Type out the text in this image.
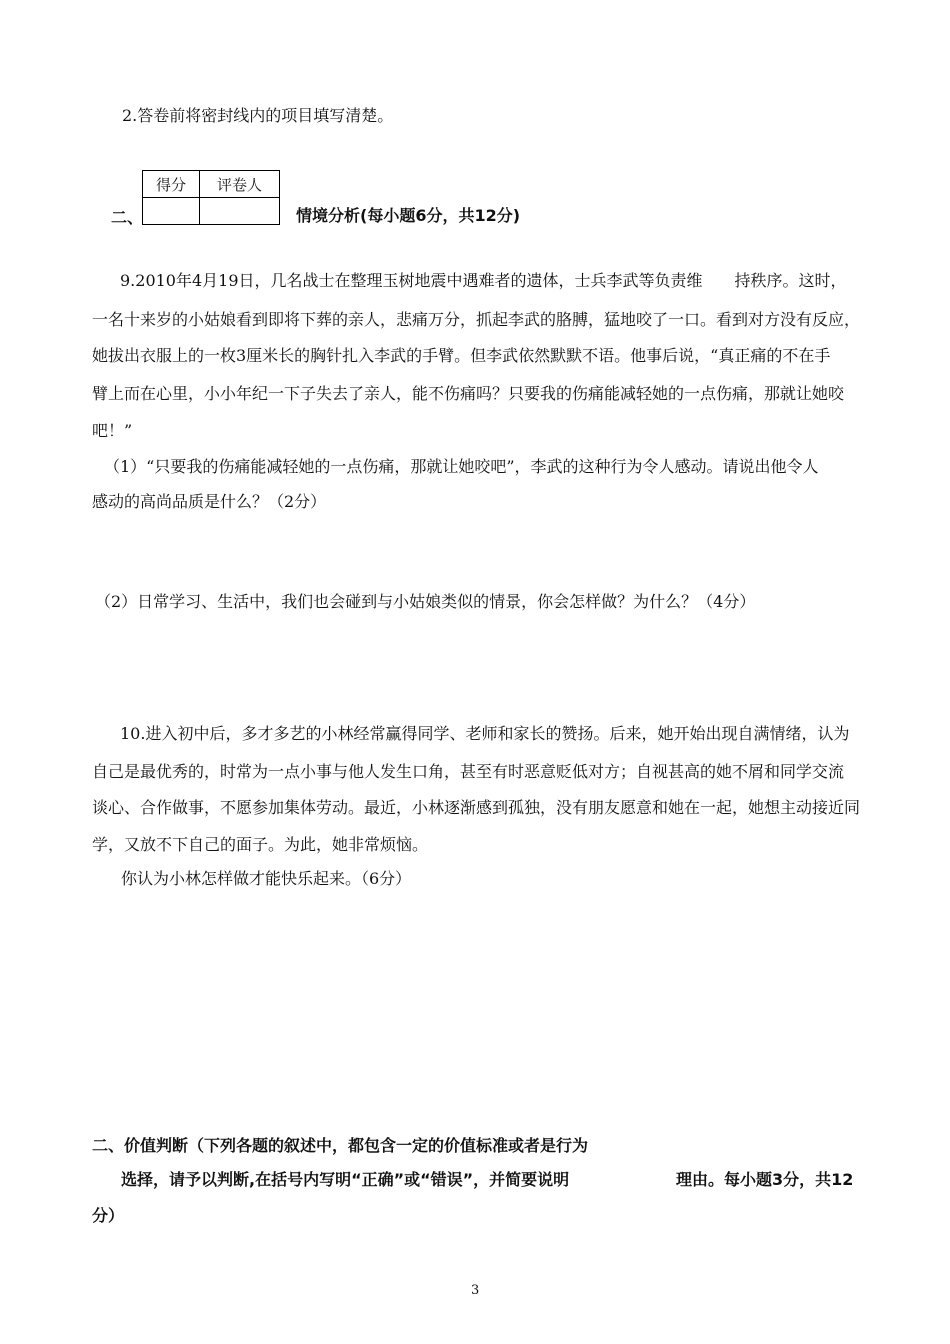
2.答卷前将密封线内的项目填写清楚。
得分	评卷人

二、	情境分析(每小题6分，共12分)
9.2010年4月19日，几名战士在整理玉树地震中遇难者的遗体，士兵李武等负责维　　持秩序。这时，
一名十来岁的小姑娘看到即将下葬的亲人，悲痛万分，抓起李武的胳膊，猛地咬了一口。看到对方没有反应，
她拔出衣服上的一枚3厘米长的胸针扎入李武的手臂。但李武依然默默不语。他事后说，“真正痛的不在手
臂上而在心里，小小年纪一下子失去了亲人，能不伤痛吗？只要我的伤痛能减轻她的一点伤痛，那就让她咬
吧！”
（1）“只要我的伤痛能减轻她的一点伤痛，那就让她咬吧”，李武的这种行为令人感动。请说出他令人
感动的高尚品质是什么？（2分）
（2）日常学习、生活中，我们也会碰到与小姑娘类似的情景，你会怎样做？为什么？（4分）
10.进入初中后，多才多艺的小林经常赢得同学、老师和家长的赞扬。后来，她开始出现自满情绪，认为
自己是最优秀的，时常为一点小事与他人发生口角，甚至有时恶意贬低对方；自视甚高的她不屑和同学交流
谈心、合作做事，不愿参加集体劳动。最近，小林逐渐感到孤独，没有朋友愿意和她在一起，她想主动接近同
学，又放不下自己的面子。为此，她非常烦恼。
你认为小林怎样做才能快乐起来。（6分）
二、价值判断（下列各题的叙述中，都包含一定的价值标准或者是行为
选择，请予以判断,在括号内写明“正确”或“错误”，并简要说明	理由。每小题3分，共12
分）
3
